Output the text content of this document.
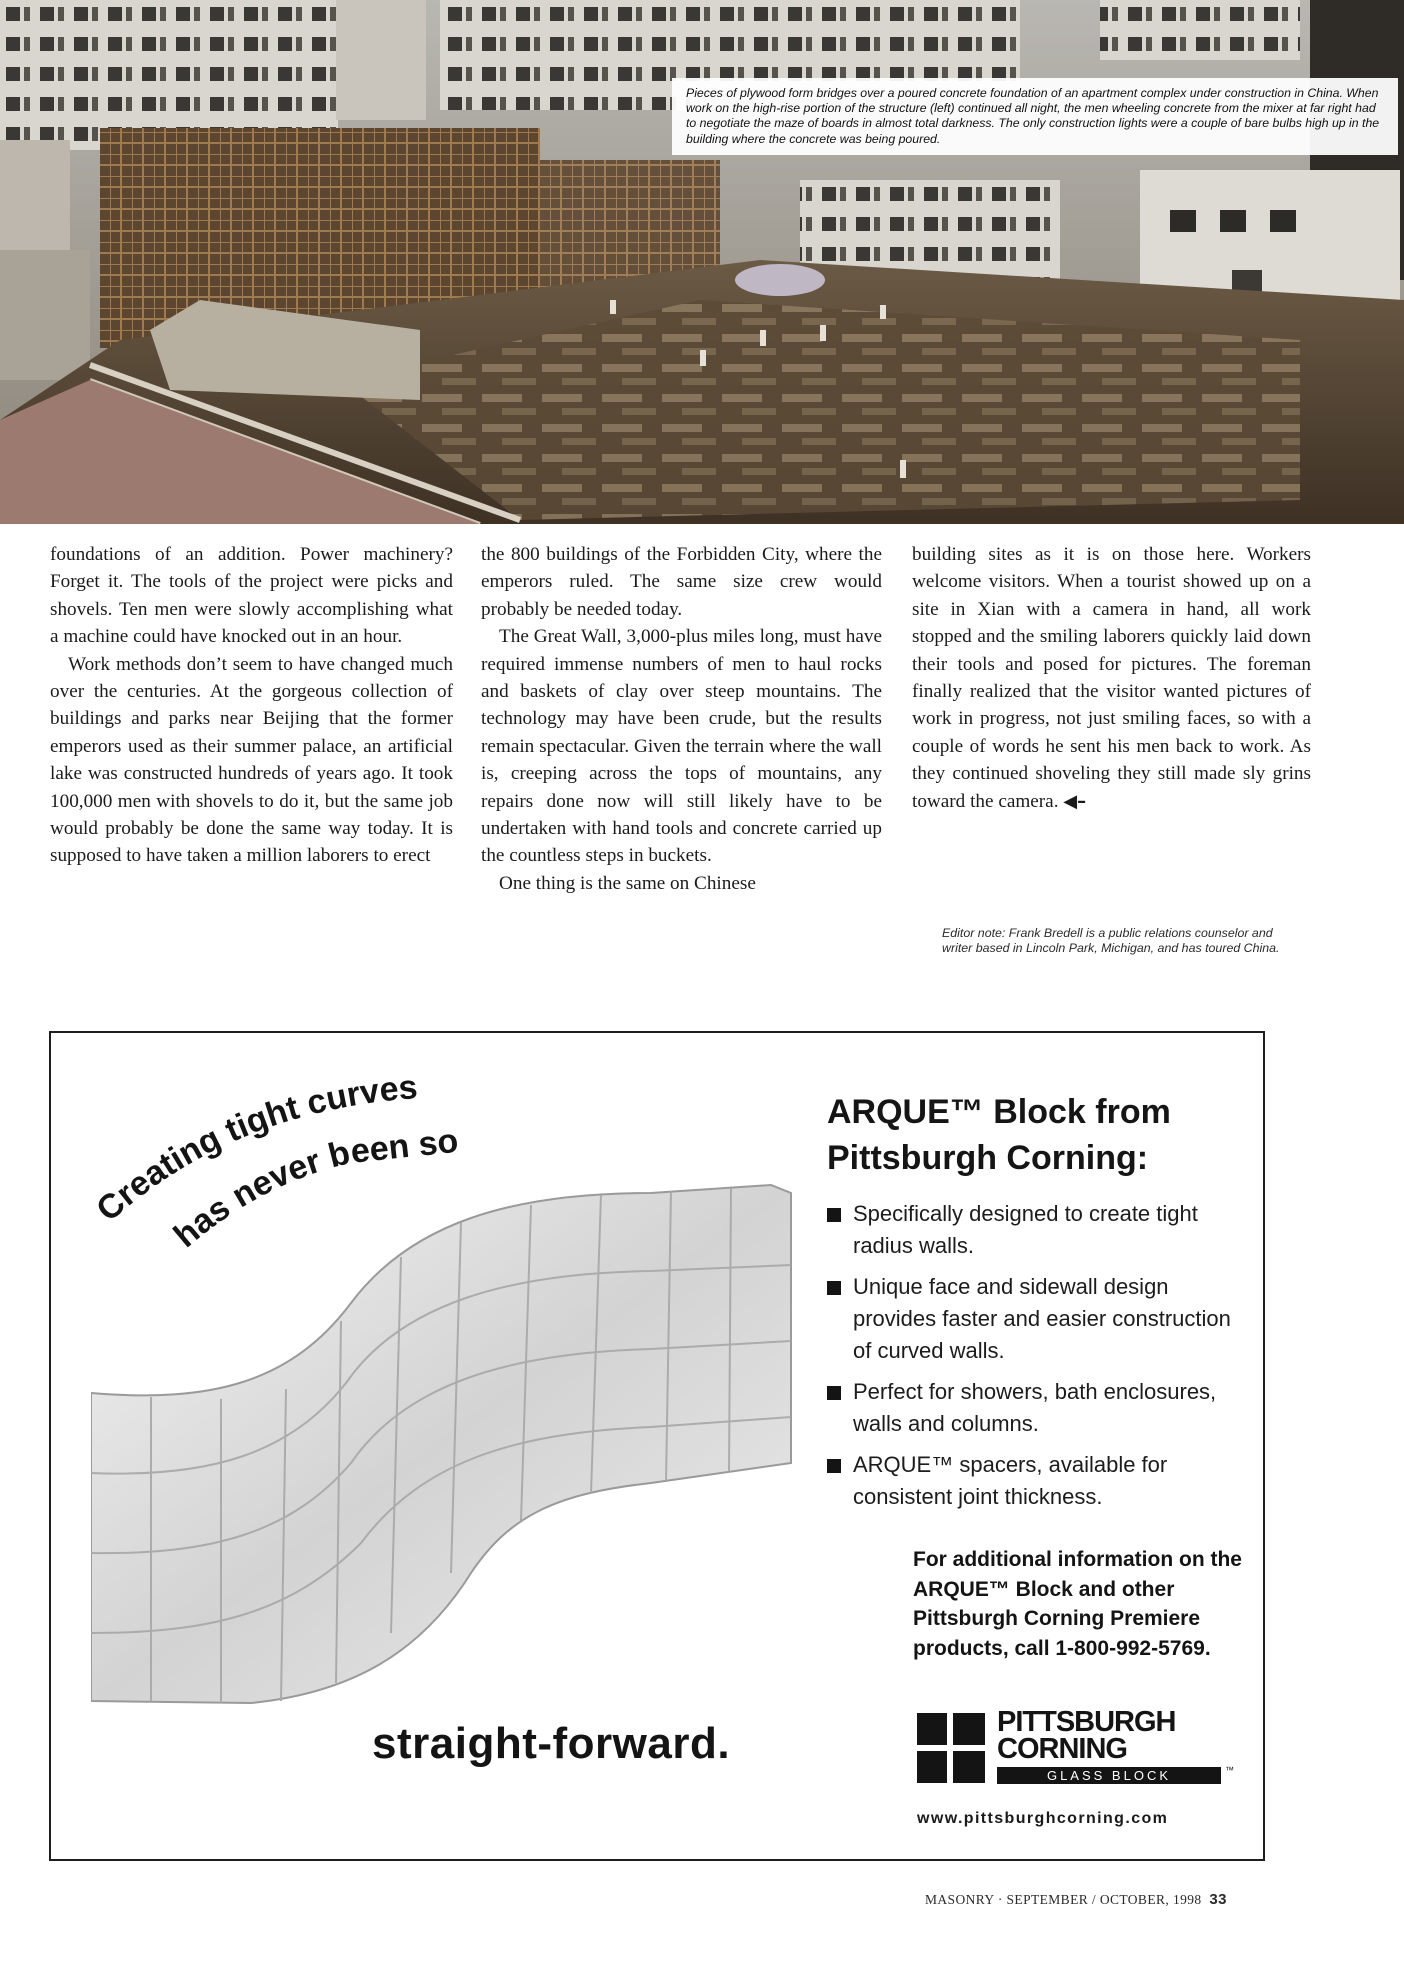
Pieces of plywood form bridges over a poured concrete foundation of an apartment complex under construction in China. When work on the high-rise portion of the structure (left) continued all night, the men wheeling concrete from the mixer at far right had to negotiate the maze of boards in almost total darkness. The only construction lights were a couple of bare bulbs high up in the building where the concrete was being poured.

foundations of an addition. Power machinery? Forget it. The tools of the project were picks and shovels. Ten men were slowly accomplishing what a machine could have knocked out in an hour.

Work methods don’t seem to have changed much over the centuries. At the gorgeous collection of buildings and parks near Beijing that the former emperors used as their summer palace, an artificial lake was constructed hundreds of years ago. It took 100,000 men with shovels to do it, but the same job would probably be done the same way today. It is supposed to have taken a million laborers to erect

the 800 buildings of the Forbidden City, where the emperors ruled. The same size crew would probably be needed today.

The Great Wall, 3,000-plus miles long, must have required immense numbers of men to haul rocks and baskets of clay over steep mountains. The technology may have been crude, but the results remain spectacular. Given the terrain where the wall is, creeping across the tops of mountains, any repairs done now will still likely have to be undertaken with hand tools and concrete carried up the countless steps in buckets.

One thing is the same on Chinese

building sites as it is on those here. Workers welcome visitors. When a tourist showed up on a site in Xian with a camera in hand, all work stopped and the smiling laborers quickly laid down their tools and posed for pictures. The foreman finally realized that the visitor wanted pictures of work in progress, not just smiling faces, so with a couple of words he sent his men back to work. As they continued shoveling they still made sly grins toward the camera. ◀–

Editor note: Frank Bredell is a public relations counselor and writer based in Lincoln Park, Michigan, and has toured China.
Creating tight curves
has never been so
straight-forward.
ARQUE™ Block from
Pittsburgh Corning:
Specifically designed to create tight radius walls.
Unique face and sidewall design provides faster and easier construction of curved walls.
Perfect for showers, bath enclosures, walls and columns.
ARQUE™ spacers, available for consistent joint thickness.
For additional information on the ARQUE™ Block and other Pittsburgh Corning Premiere products, call 1-800-992-5769.
PITTSBURGH
CORNING
GLASS BLOCK	™
www.pittsburghcorning.com
MASONRY · SEPTEMBER / OCTOBER, 1998 33
